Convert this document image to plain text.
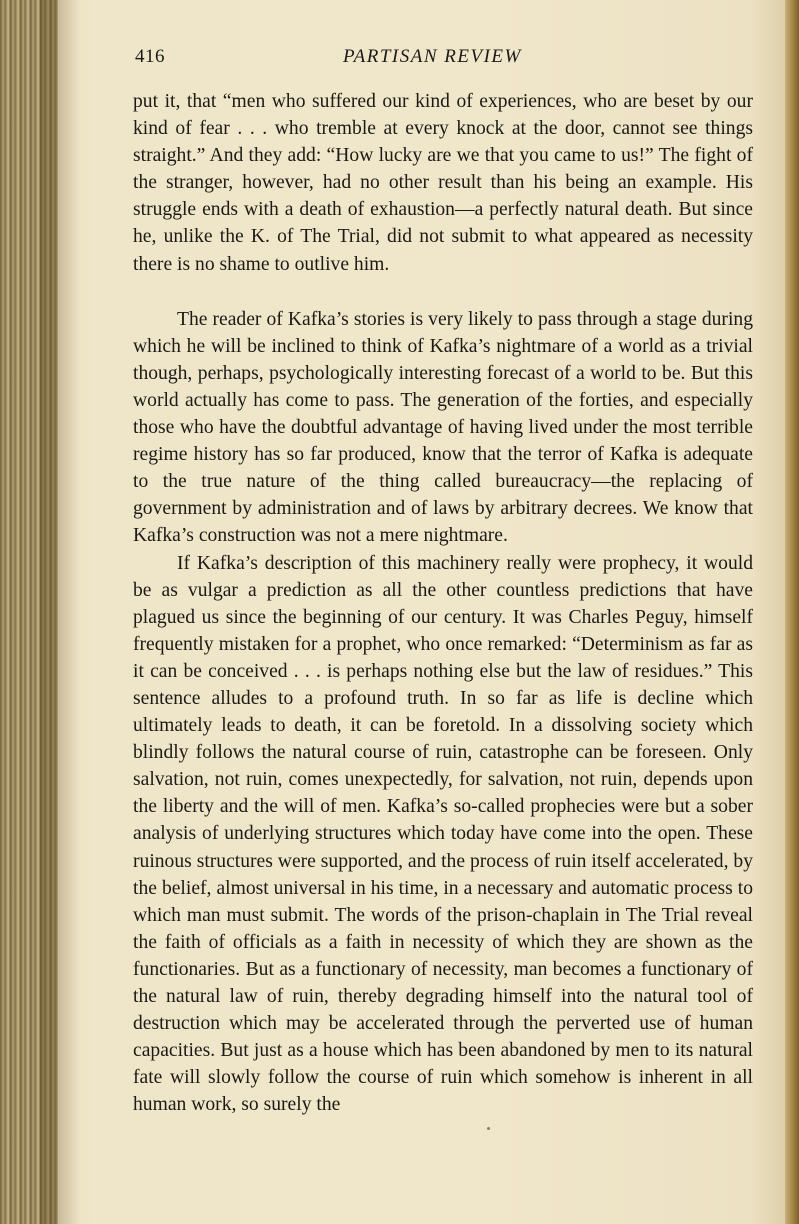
416	PARTISAN REVIEW

put it, that “men who suffered our kind of experiences, who are beset by our kind of fear . . . who tremble at every knock at the door, cannot see things straight.” And they add: “How lucky are we that you came to us!” The fight of the stranger, however, had no other result than his being an example. His struggle ends with a death of exhaustion—a perfectly natural death. But since he, unlike the K. of The Trial, did not submit to what appeared as necessity there is no shame to outlive him.

The reader of Kafka’s stories is very likely to pass through a stage during which he will be inclined to think of Kafka’s nightmare of a world as a trivial though, perhaps, psychologically interesting forecast of a world to be. But this world actually has come to pass. The generation of the forties, and especially those who have the doubtful advantage of having lived under the most terrible regime history has so far produced, know that the terror of Kafka is adequate to the true nature of the thing called bureaucracy—the replacing of government by administration and of laws by arbitrary decrees. We know that Kafka’s construction was not a mere nightmare.

If Kafka’s description of this machinery really were prophecy, it would be as vulgar a prediction as all the other countless predictions that have plagued us since the beginning of our century. It was Charles Peguy, himself frequently mistaken for a prophet, who once remarked: “Determinism as far as it can be conceived . . . is perhaps nothing else but the law of residues.” This sentence alludes to a profound truth. In so far as life is decline which ultimately leads to death, it can be foretold. In a dissolving society which blindly follows the natural course of ruin, catastrophe can be foreseen. Only salvation, not ruin, comes unexpectedly, for salvation, not ruin, depends upon the liberty and the will of men. Kafka’s so-called prophecies were but a sober analysis of underlying structures which today have come into the open. These ruinous structures were supported, and the process of ruin itself accelerated, by the belief, almost universal in his time, in a necessary and automatic process to which man must submit. The words of the prison-chaplain in The Trial reveal the faith of officials as a faith in necessity of which they are shown as the functionaries. But as a functionary of necessity, man becomes a functionary of the natural law of ruin, thereby degrading himself into the natural tool of destruction which may be accelerated through the perverted use of human capacities. But just as a house which has been abandoned by men to its natural fate will slowly follow the course of ruin which somehow is inherent in all human work, so surely the
